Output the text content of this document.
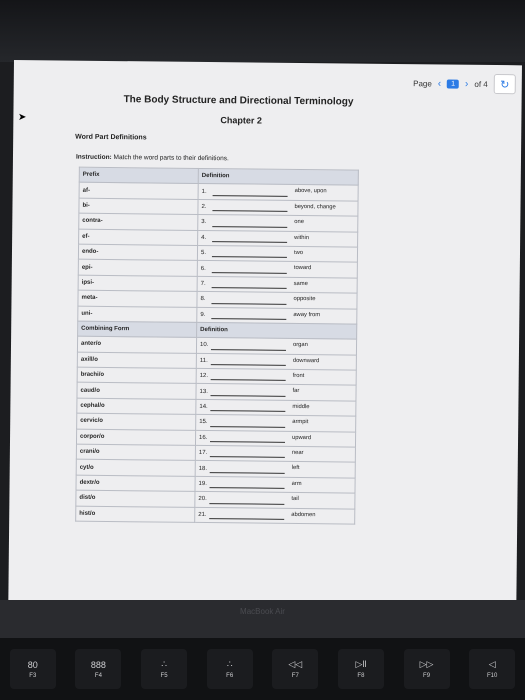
Page ‹	1 › of 4	↻
The Body Structure and Directional Terminology
Chapter 2
Word Part Definitions
Instruction: Match the word parts to their definitions.
Prefix	Definition
af-	1. above, upon

bi-	2. beyond, change

contra-	3. one

ef-	4. within

endo-	5. two

epi-	6. toward

ipsi-	7. same

meta-	8. opposite

uni-	9. away from

Combining Form	Definition
anter/o	10. organ

axill/o	11. downward

brachi/o	12. front

caud/o	13. far

cephal/o	14. middle

cervic/o	15. armpit

corpor/o	16. upward

crani/o	17. near

cyt/o	18. left

dextr/o	19. arm

dist/o	20. tail

hist/o	21. abdomen
➤
MacBook Air
80
F3
888
F4
∴
F5
∴
F6
◁◁
F7
▷ll
F8
▷▷
F9
◁
F10
